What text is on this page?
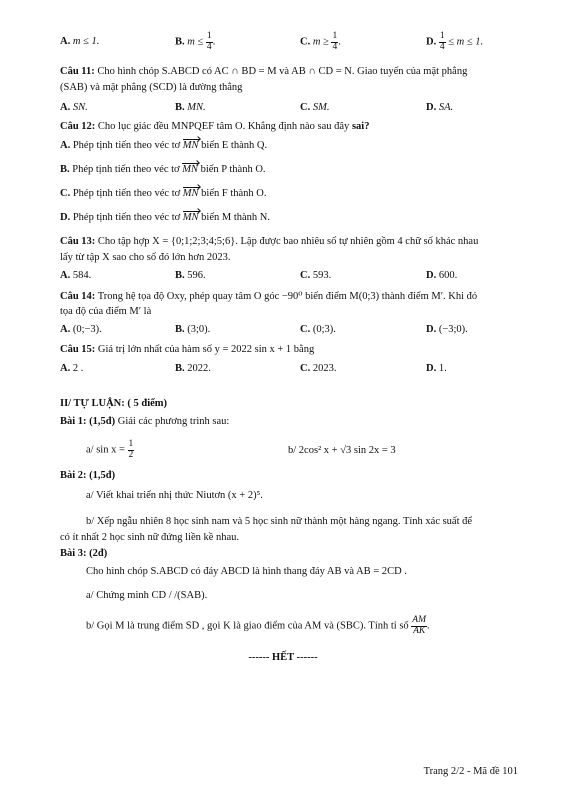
A. m ≤ 1.	B. $m \le \frac{1}{4}$ .	C. $m \ge \frac{1}{4}$ .	D. $\frac{1}{4} \le m \le 1$.
Câu 11: Cho hình chóp S.ABCD có AC ∩ BD = M và AB ∩ CD = N. Giao tuyến của mặt phẳng
(SAB) và mặt phẳng (SCD) là đường thẳng
A. SN.	B. MN.	C. SM.	D. SA.
Câu 12: Cho lục giác đều MNPQEF tâm O. Khẳng định nào sau đây sai?
A. Phép tịnh tiến theo véc tơ MN biến E thành Q.
B. Phép tịnh tiến theo véc tơ MN biến P thành O.
C. Phép tịnh tiến theo véc tơ MN biến F thành O.
D. Phép tịnh tiến theo véc tơ MN biến M thành N.
Câu 13: Cho tập hợp X = {0;1;2;3;4;5;6}. Lập được bao nhiêu số tự nhiên gồm 4 chữ số khác nhau
lấy từ tập X sao cho số đó lớn hơn 2023.
A. 584.	B. 596.	C. 593.	D. 600.
Câu 14: Trong hệ tọa độ Oxy, phép quay tâm O góc −90⁰ biến điểm M(0;3) thành điểm M′. Khi đó
tọa độ của điểm M′ là
A. (0;−3).	B. (3;0).	C. (0;3).	D. (−3;0).
Câu 15: Giá trị lớn nhất của hàm số y = 2022 sin x + 1 bằng
A. 2 .	B. 2022.	C. 2023.	D. 1.
II/ TỰ LUẬN: ( 5 điểm)
Bài 1: (1,5đ) Giải các phương trình sau:
a/ $\sin x = \frac{1}{2}$	b/ 2cos² x + √3 sin 2x = 3
Bài 2: (1,5đ)
a/ Viết khai triển nhị thức Niutơn (x + 2)⁵.
b/ Xếp ngẫu nhiên 8 học sinh nam và 5 học sinh nữ thành một hàng ngang. Tính xác suất để
có ít nhất 2 học sinh nữ đứng liền kề nhau.
Bài 3: (2đ)
Cho hình chóp S.ABCD có đáy ABCD là hình thang đáy AB và AB = 2CD .
a/ Chứng minh CD / /(SAB).
b/ Gọi M là trung điểm SD , gọi K là giao điểm của AM và (SBC). Tính tỉ số $\frac{AM}{AK}$ .
------ HẾT ------
Trang 2/2 - Mã đề 101
